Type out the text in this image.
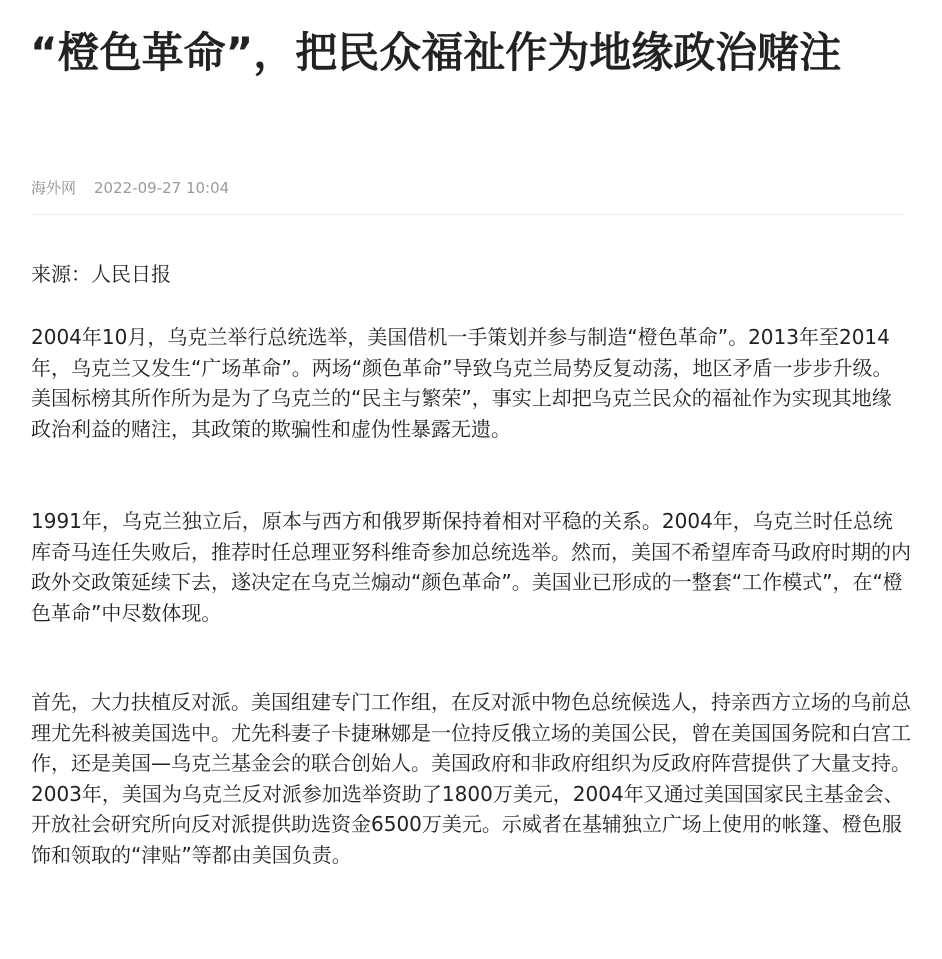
“橙色革命”，把民众福祉作为地缘政治赌注
海外网 2022-09-27 10:04

来源：人民日报

2004年10月，乌克兰举行总统选举，美国借机一手策划并参与制造“橙色革命”。2013年至2014年，乌克兰又发生“广场革命”。两场“颜色革命”导致乌克兰局势反复动荡，地区矛盾一步步升级。美国标榜其所作所为是为了乌克兰的“民主与繁荣”，事实上却把乌克兰民众的福祉作为实现其地缘政治利益的赌注，其政策的欺骗性和虚伪性暴露无遗。

1991年，乌克兰独立后，原本与西方和俄罗斯保持着相对平稳的关系。2004年，乌克兰时任总统库奇马连任失败后，推荐时任总理亚努科维奇参加总统选举。然而，美国不希望库奇马政府时期的内政外交政策延续下去，遂决定在乌克兰煽动“颜色革命”。美国业已形成的一整套“工作模式”，在“橙色革命”中尽数体现。

首先，大力扶植反对派。美国组建专门工作组，在反对派中物色总统候选人，持亲西方立场的乌前总理尤先科被美国选中。尤先科妻子卡捷琳娜是一位持反俄立场的美国公民，曾在美国国务院和白宫工作，还是美国—乌克兰基金会的联合创始人。美国政府和非政府组织为反政府阵营提供了大量支持。2003年，美国为乌克兰反对派参加选举资助了1800万美元，2004年又通过美国国家民主基金会、开放社会研究所向反对派提供助选资金6500万美元。示威者在基辅独立广场上使用的帐篷、橙色服饰和领取的“津贴”等都由美国负责。
